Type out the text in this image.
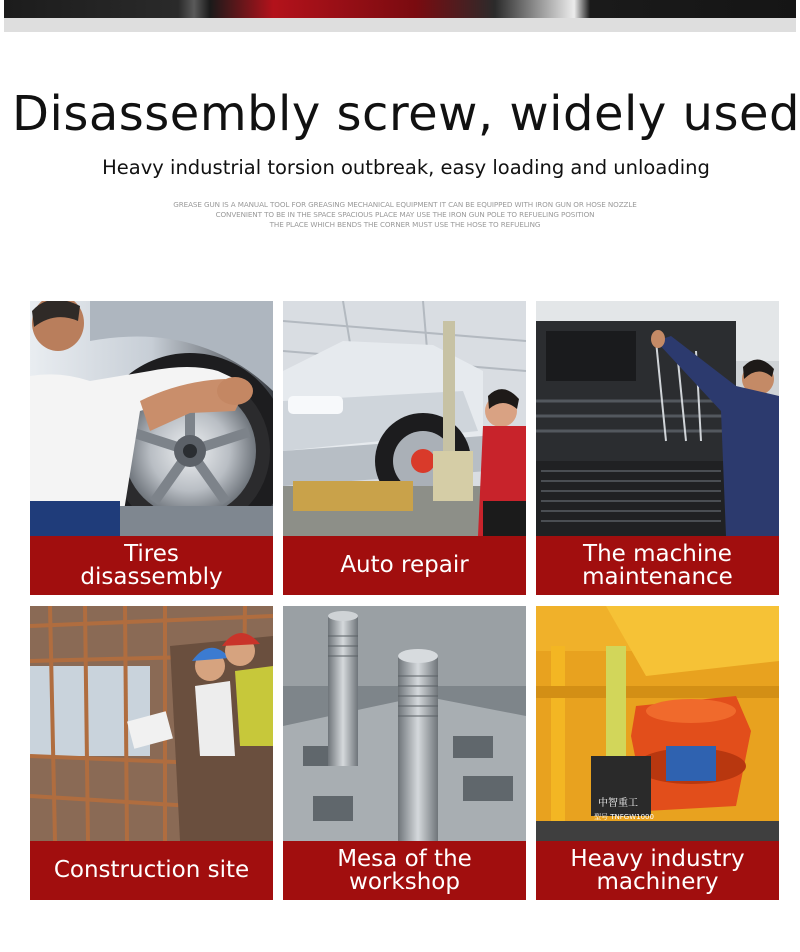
Disassembly screw, widely used
Heavy industrial torsion outbreak, easy loading and unloading
GREASE GUN IS A MANUAL TOOL FOR GREASING MECHANICAL EQUIPMENT IT CAN BE EQUIPPED WITH IRON GUN OR HOSE NOZZLE
CONVENIENT TO BE IN THE SPACE SPACIOUS PLACE MAY USE THE IRON GUN POLE TO REFUELING POSITION
THE PLACE WHICH BENDS THE CORNER MUST USE THE HOSE TO REFUELING
Tires disassembly	Auto repair	The machine maintenance
Construction site	Mesa of the workshop
中智重工
型号 TNFGW1000
Heavy industry machinery
